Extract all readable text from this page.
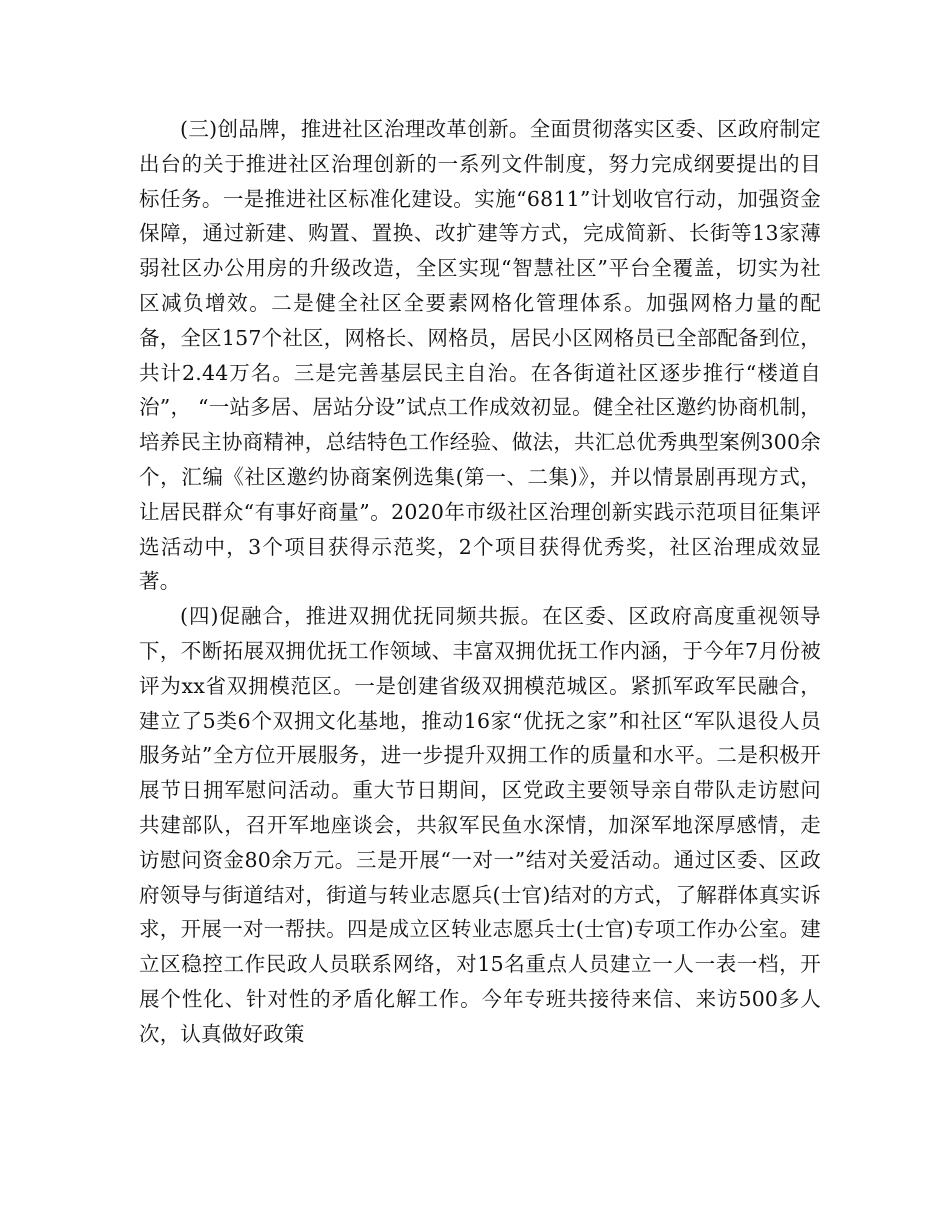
(三)创品牌，推进社区治理改革创新。全面贯彻落实区委、区政府制定出台的关于推进社区治理创新的一系列文件制度，努力完成纲要提出的目标任务。一是推进社区标准化建设。实施“6811”计划收官行动，加强资金保障，通过新建、购置、置换、改扩建等方式，完成简新、长街等13家薄弱社区办公用房的升级改造，全区实现“智慧社区”平台全覆盖，切实为社区减负增效。二是健全社区全要素网格化管理体系。加强网格力量的配备，全区157个社区，网格长、网格员，居民小区网格员已全部配备到位，共计2.44万名。三是完善基层民主自治。在各街道社区逐步推行“楼道自治”， “一站多居、居站分设”试点工作成效初显。健全社区邀约协商机制，培养民主协商精神，总结特色工作经验、做法，共汇总优秀典型案例300余个，汇编《社区邀约协商案例选集(第一、二集)》，并以情景剧再现方式，让居民群众“有事好商量”。2020年市级社区治理创新实践示范项目征集评选活动中，3个项目获得示范奖，2个项目获得优秀奖，社区治理成效显著。

(四)促融合，推进双拥优抚同频共振。在区委、区政府高度重视领导下，不断拓展双拥优抚工作领域、丰富双拥优抚工作内涵，于今年7月份被评为xx省双拥模范区。一是创建省级双拥模范城区。紧抓军政军民融合，建立了5类6个双拥文化基地，推动16家“优抚之家”和社区“军队退役人员服务站”全方位开展服务，进一步提升双拥工作的质量和水平。二是积极开展节日拥军慰问活动。重大节日期间，区党政主要领导亲自带队走访慰问共建部队，召开军地座谈会，共叙军民鱼水深情，加深军地深厚感情，走访慰问资金80余万元。三是开展“一对一”结对关爱活动。通过区委、区政府领导与街道结对，街道与转业志愿兵(士官)结对的方式，了解群体真实诉求，开展一对一帮扶。四是成立区转业志愿兵士(士官)专项工作办公室。建立区稳控工作民政人员联系网络，对15名重点人员建立一人一表一档，开展个性化、针对性的矛盾化解工作。今年专班共接待来信、来访500多人次，认真做好政策
